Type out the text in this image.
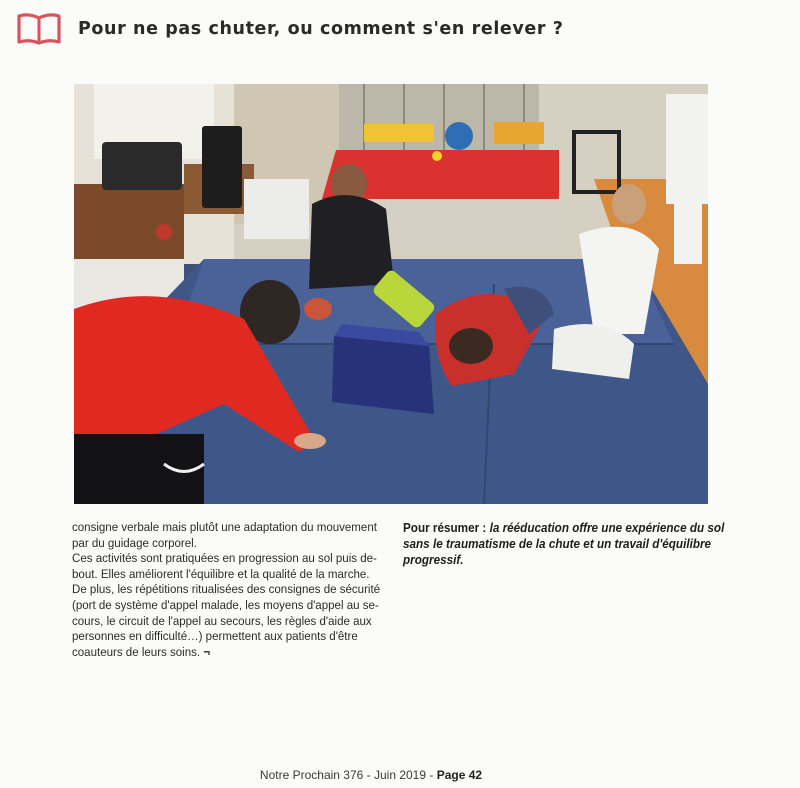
Pour ne pas chuter, ou comment s'en relever ?

consigne verbale mais plutôt une adaptation du mouvement
par du guidage corporel.
Ces activités sont pratiquées en progression au sol puis de-
bout. Elles améliorent l'équilibre et la qualité de la marche.
De plus, les répétitions ritualisées des consignes de sécurité
(port de système d'appel malade, les moyens d'appel au se-
cours, le circuit de l'appel au secours, les règles d'aide aux
personnes en difficulté…) permettent aux patients d'être
coauteurs de leurs soins. ¬

Pour résumer : la rééducation offre une expérience du sol
sans le traumatisme de la chute et un travail d'équilibre
progressif.
Notre Prochain 376 - Juin 2019 - Page 42
